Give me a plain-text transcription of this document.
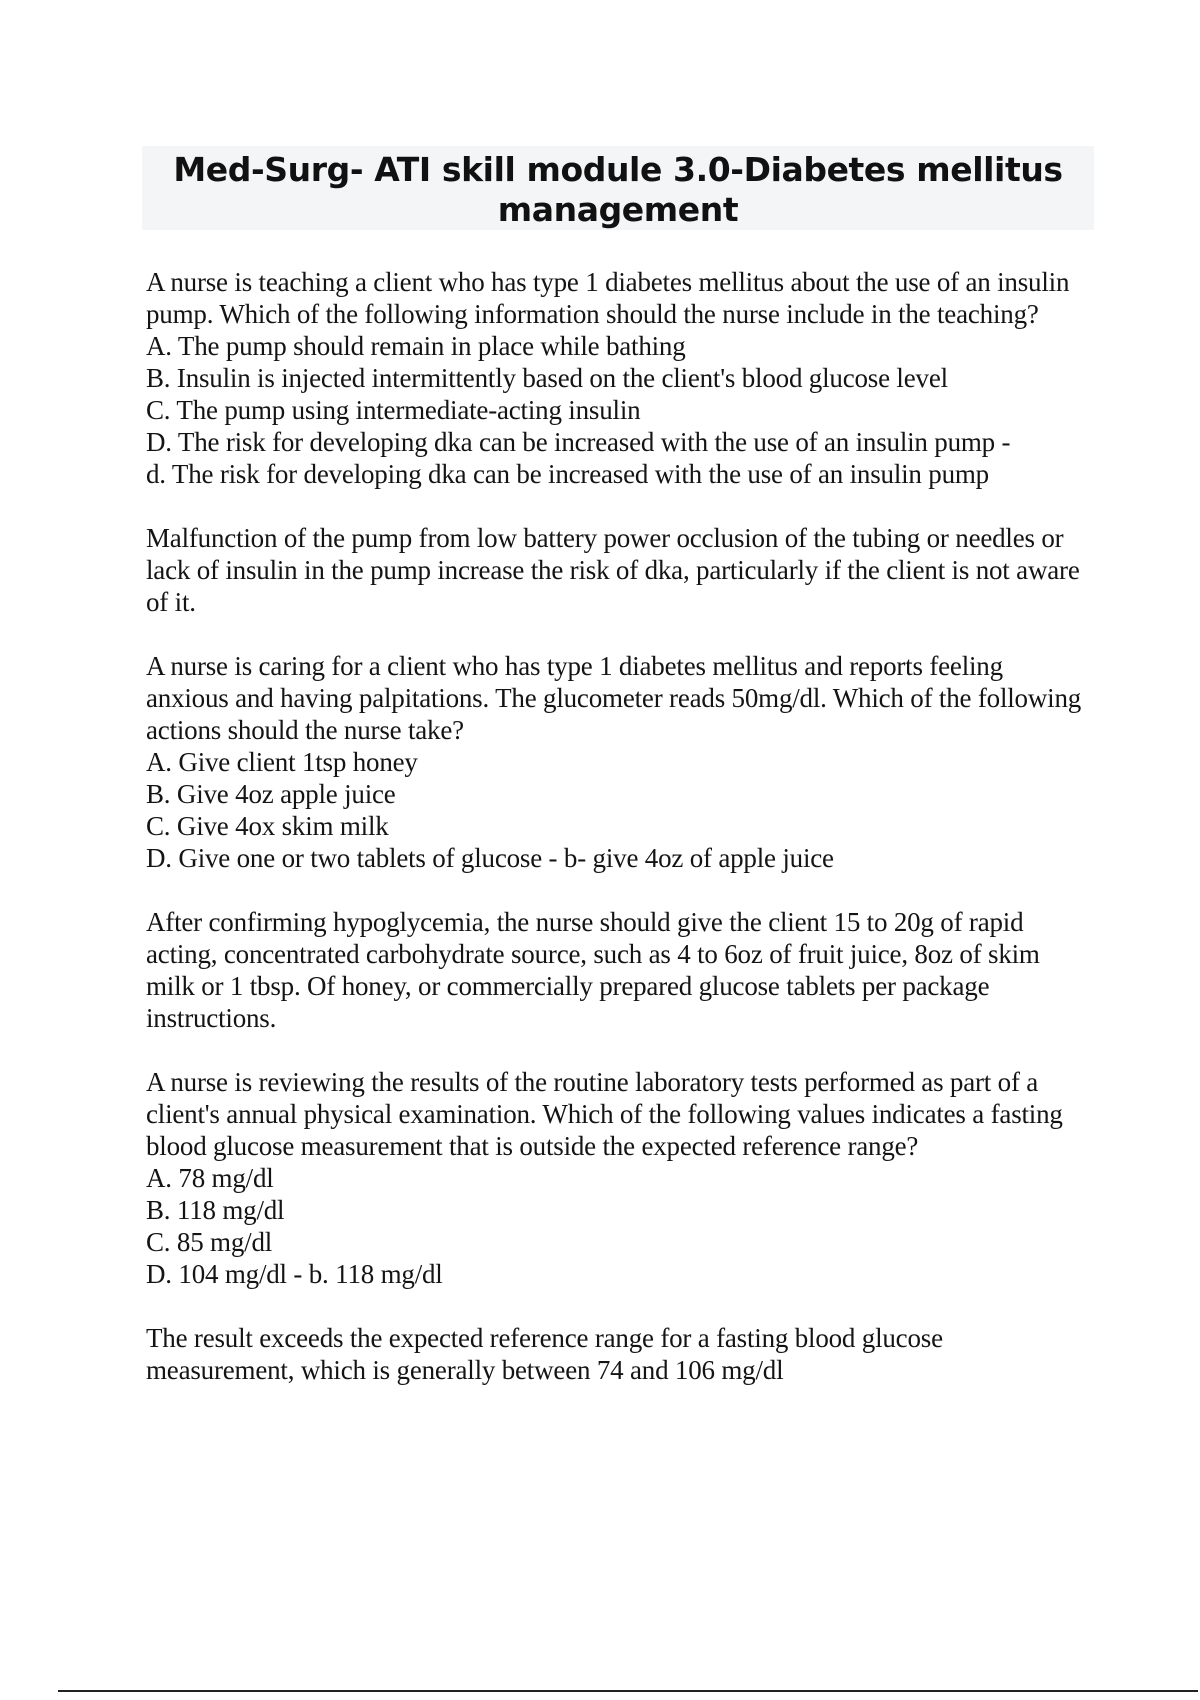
Med-Surg- ATI skill module 3.0-Diabetes mellitus
management

A nurse is teaching a client who has type 1 diabetes mellitus about the use of an insulin pump. Which of the following information should the nurse include in the teaching?

A. The pump should remain in place while bathing

B. Insulin is injected intermittently based on the client's blood glucose level

C. The pump using intermediate-acting insulin

D. The risk for developing dka can be increased with the use of an insulin pump -

d. The risk for developing dka can be increased with the use of an insulin pump

Malfunction of the pump from low battery power occlusion of the tubing or needles or lack of insulin in the pump increase the risk of dka, particularly if the client is not aware of it.

A nurse is caring for a client who has type 1 diabetes mellitus and reports feeling anxious and having palpitations. The glucometer reads 50mg/dl. Which of the following actions should the nurse take?

A. Give client 1tsp honey

B. Give 4oz apple juice

C. Give 4ox skim milk

D. Give one or two tablets of glucose - b- give 4oz of apple juice

After confirming hypoglycemia, the nurse should give the client 15 to 20g of rapid acting, concentrated carbohydrate source, such as 4 to 6oz of fruit juice, 8oz of skim milk or 1 tbsp. Of honey, or commercially prepared glucose tablets per package instructions.

A nurse is reviewing the results of the routine laboratory tests performed as part of a client's annual physical examination. Which of the following values indicates a fasting blood glucose measurement that is outside the expected reference range?

A. 78 mg/dl

B. 118 mg/dl

C. 85 mg/dl

D. 104 mg/dl - b. 118 mg/dl

The result exceeds the expected reference range for a fasting blood glucose measurement, which is generally between 74 and 106 mg/dl
